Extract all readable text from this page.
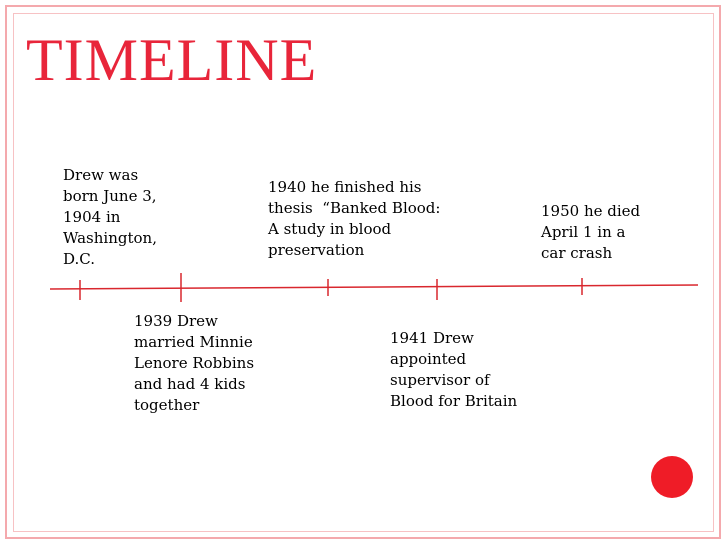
TIMELINE
Drew was
born June 3,
1904 in
Washington,
D.C.
1939 Drew
married Minnie
Lenore Robbins
and had 4 kids
together
1940 he finished his
thesis  “Banked Blood:
A study in blood
preservation
1941 Drew
appointed
supervisor of
Blood for Britain
1950 he died
April 1 in a
car crash
